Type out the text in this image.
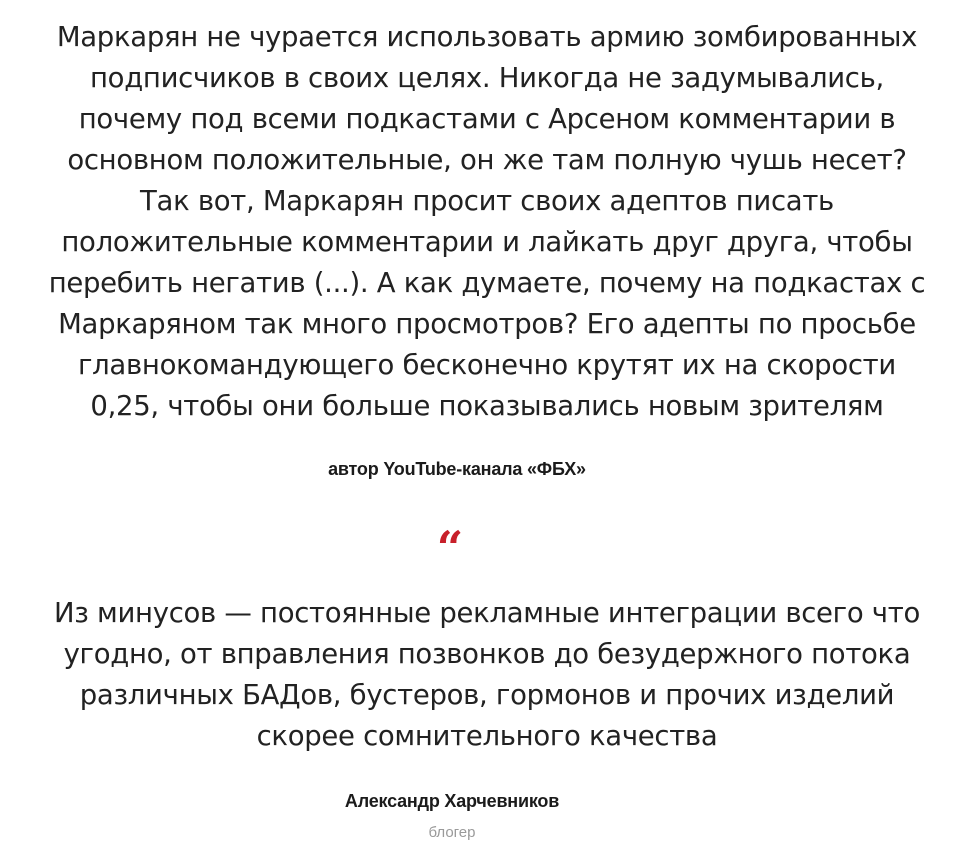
Маркарян не чурается использовать армию зомбированных
подписчиков в своих целях. Никогда не задумывались,
почему под всеми подкастами с Арсеном комментарии в
основном положительные, он же там полную чушь несет?
Так вот, Маркарян просит своих адептов писать
положительные комментарии и лайкать друг друга, чтобы
перебить негатив (...). А как думаете, почему на подкастах с
Маркаряном так много просмотров? Его адепты по просьбе
главнокомандующего бесконечно крутят их на скорости
0,25, чтобы они больше показывались новым зрителям

автор YouTube-канала «ФБХ»
“

Из минусов — постоянные рекламные интеграции всего что
угодно, от вправления позвонков до безудержного потока
различных БАДов, бустеров, гормонов и прочих изделий
скорее сомнительного качества

Александр Харчевников
блогер
